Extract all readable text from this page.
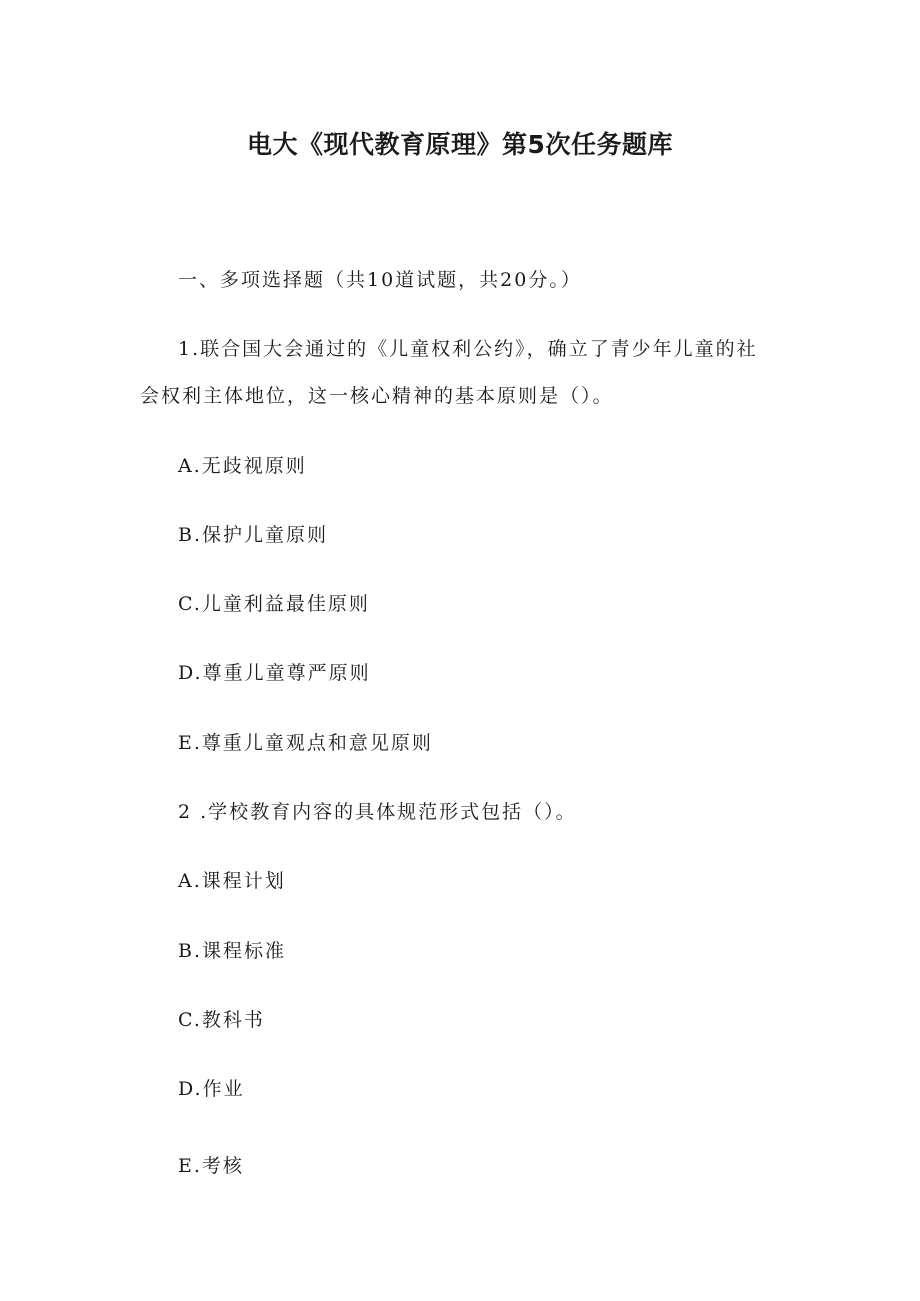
电大《现代教育原理》第5次任务题库

一、多项选择题（共10道试题，共20分。）

1.联合国大会通过的《儿童权利公约》，确立了青少年儿童的社

会权利主体地位，这一核心精神的基本原则是（）。

A.无歧视原则

B.保护儿童原则

C.儿童利益最佳原则

D.尊重儿童尊严原则

E.尊重儿童观点和意见原则

2 .学校教育内容的具体规范形式包括（）。

A.课程计划

B.课程标准

C.教科书

D.作业

E.考核
